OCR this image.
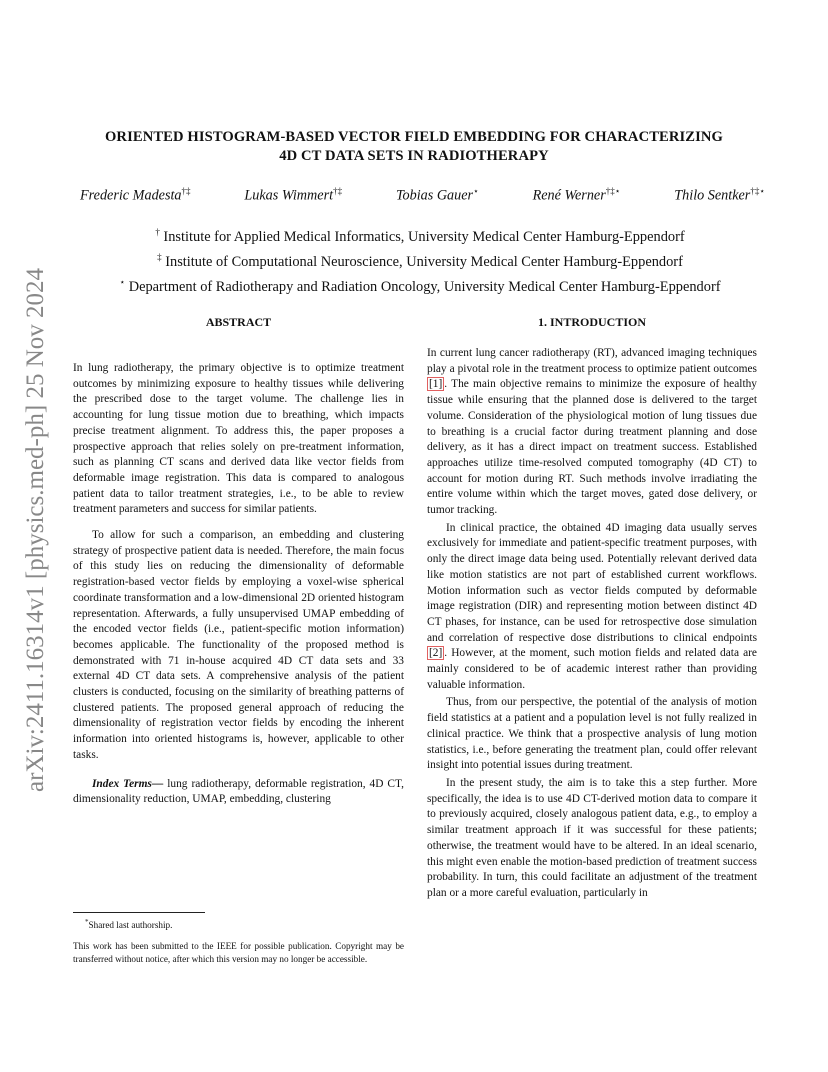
arXiv:2411.16314v1 [physics.med-ph] 25 Nov 2024
ORIENTED HISTOGRAM-BASED VECTOR FIELD EMBEDDING FOR CHARACTERIZING
4D CT DATA SETS IN RADIOTHERAPY
Frederic Madesta†‡	Lukas Wimmert†‡	Tobias Gauer⋆	René Werner†‡⋆	Thilo Sentker†‡⋆
† Institute for Applied Medical Informatics, University Medical Center Hamburg-Eppendorf
‡ Institute of Computational Neuroscience, University Medical Center Hamburg-Eppendorf
⋆ Department of Radiotherapy and Radiation Oncology, University Medical Center Hamburg-Eppendorf
ABSTRACT	1. INTRODUCTION

In lung radiotherapy, the primary objective is to optimize treatment outcomes by minimizing exposure to healthy tissues while delivering the prescribed dose to the target volume. The challenge lies in accounting for lung tissue motion due to breathing, which impacts precise treatment alignment. To address this, the paper proposes a prospective approach that relies solely on pre-treatment information, such as planning CT scans and derived data like vector fields from deformable image registration. This data is compared to analogous patient data to tailor treatment strategies, i.e., to be able to review treatment parameters and success for similar patients.

To allow for such a comparison, an embedding and clustering strategy of prospective patient data is needed. Therefore, the main focus of this study lies on reducing the dimensionality of deformable registration-based vector fields by employing a voxel-wise spherical coordinate transformation and a low-dimensional 2D oriented histogram representation. Afterwards, a fully unsupervised UMAP embedding of the encoded vector fields (i.e., patient-specific motion information) becomes applicable. The functionality of the proposed method is demonstrated with 71 in-house acquired 4D CT data sets and 33 external 4D CT data sets. A comprehensive analysis of the patient clusters is conducted, focusing on the similarity of breathing patterns of clustered patients. The proposed general approach of reducing the dimensionality of registration vector fields by encoding the inherent information into oriented histograms is, however, applicable to other tasks.

Index Terms— lung radiotherapy, deformable registration, 4D CT, dimensionality reduction, UMAP, embedding, clustering

*Shared last authorship.
This work has been submitted to the IEEE for possible publication. Copyright may be transferred without notice, after which this version may no longer be accessible.

In current lung cancer radiotherapy (RT), advanced imaging techniques play a pivotal role in the treatment process to optimize patient outcomes [1] . The main objective remains to minimize the exposure of healthy tissue while ensuring that the planned dose is delivered to the target volume. Consideration of the physiological motion of lung tissues due to breathing is a crucial factor during treatment planning and dose delivery, as it has a direct impact on treatment success. Established approaches utilize time-resolved computed tomography (4D CT) to account for motion during RT. Such methods involve irradiating the entire volume within which the target moves, gated dose delivery, or tumor tracking.

In clinical practice, the obtained 4D imaging data usually serves exclusively for immediate and patient-specific treatment purposes, with only the direct image data being used. Potentially relevant derived data like motion statistics are not part of established current workflows. Motion information such as vector fields computed by deformable image registration (DIR) and representing motion between distinct 4D CT phases, for instance, can be used for retrospective dose simulation and correlation of respective dose distributions to clinical endpoints [2] . However, at the moment, such motion fields and related data are mainly considered to be of academic interest rather than providing valuable information.

Thus, from our perspective, the potential of the analysis of motion field statistics at a patient and a population level is not fully realized in clinical practice. We think that a prospective analysis of lung motion statistics, i.e., before generating the treatment plan, could offer relevant insight into potential issues during treatment.

In the present study, the aim is to take this a step further. More specifically, the idea is to use 4D CT-derived motion data to compare it to previously acquired, closely analogous patient data, e.g., to employ a similar treatment approach if it was successful for these patients; otherwise, the treatment would have to be altered. In an ideal scenario, this might even enable the motion-based prediction of treatment success probability. In turn, this could facilitate an adjustment of the treatment plan or a more careful evaluation, particularly in
